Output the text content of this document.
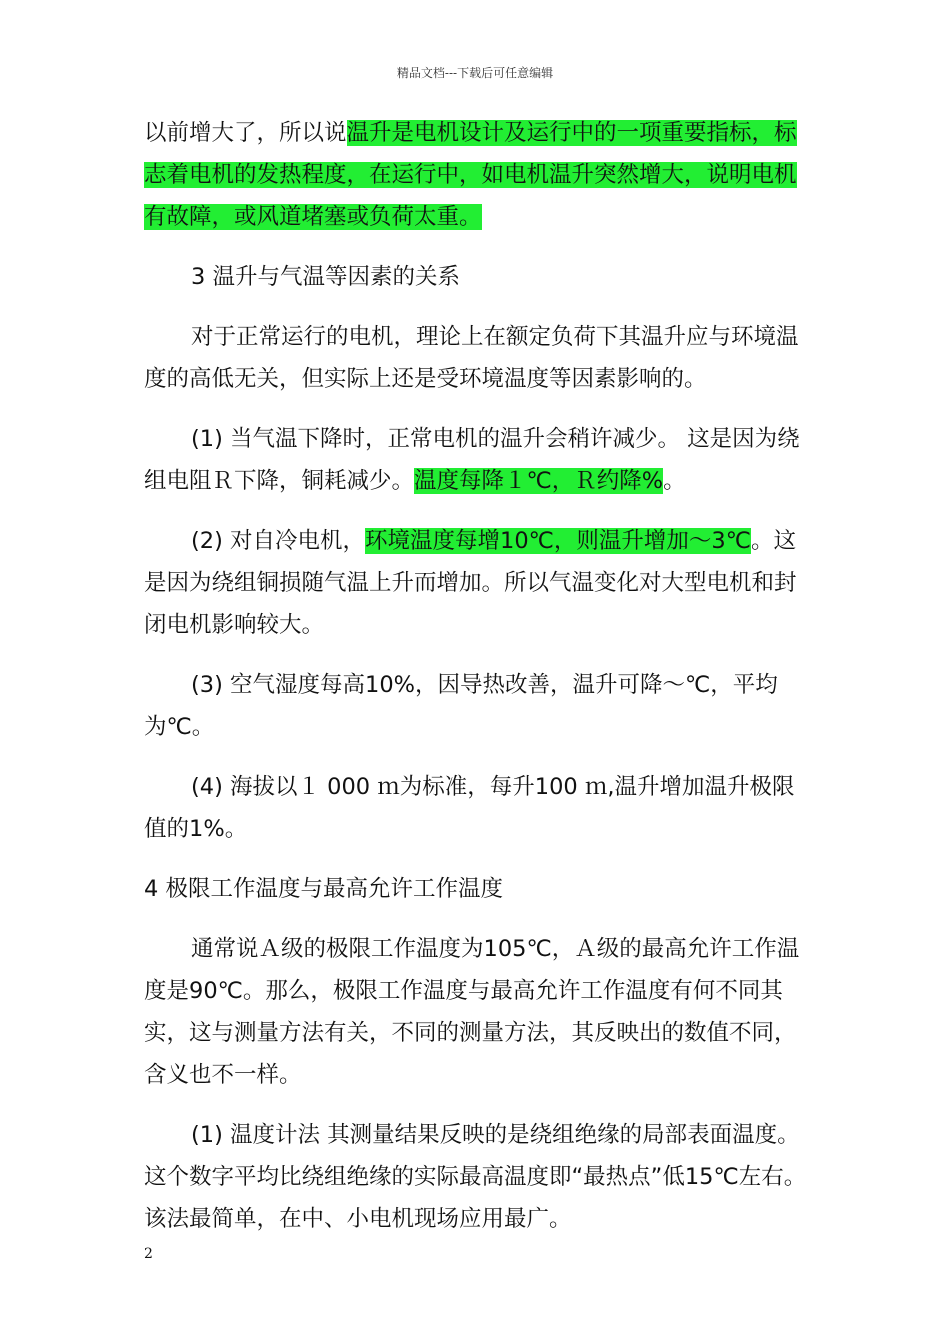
精品文档---下载后可任意编辑

以前增大了，所以说温升是电机设计及运行中的一项重要指标，标志着电机的发热程度，在运行中，如电机温升突然增大，说明电机有故障，或风道堵塞或负荷太重。

3 温升与气温等因素的关系

对于正常运行的电机，理论上在额定负荷下其温升应与环境温度的高低无关，但实际上还是受环境温度等因素影响的。

(1) 当气温下降时，正常电机的温升会稍许减少。 这是因为绕组电阻Ｒ下降，铜耗减少。温度每降１℃，Ｒ约降%。

(2) 对自冷电机，环境温度每增10℃，则温升增加～3℃。这是因为绕组铜损随气温上升而增加。所以气温变化对大型电机和封闭电机影响较大。

(3) 空气湿度每高10%，因导热改善，温升可降～℃，平均为℃。

(4) 海拔以１ 000 ｍ为标准，每升100 ｍ,温升增加温升极限值的1%。

4 极限工作温度与最高允许工作温度

通常说Ａ级的极限工作温度为105℃，Ａ级的最高允许工作温度是90℃。那么，极限工作温度与最高允许工作温度有何不同其实，这与测量方法有关，不同的测量方法，其反映出的数值不同，含义也不一样。

(1) 温度计法 其测量结果反映的是绕组绝缘的局部表面温度。这个数字平均比绕组绝缘的实际最高温度即“最热点”低15℃左右。该法最简单，在中、小电机现场应用最广。

2
